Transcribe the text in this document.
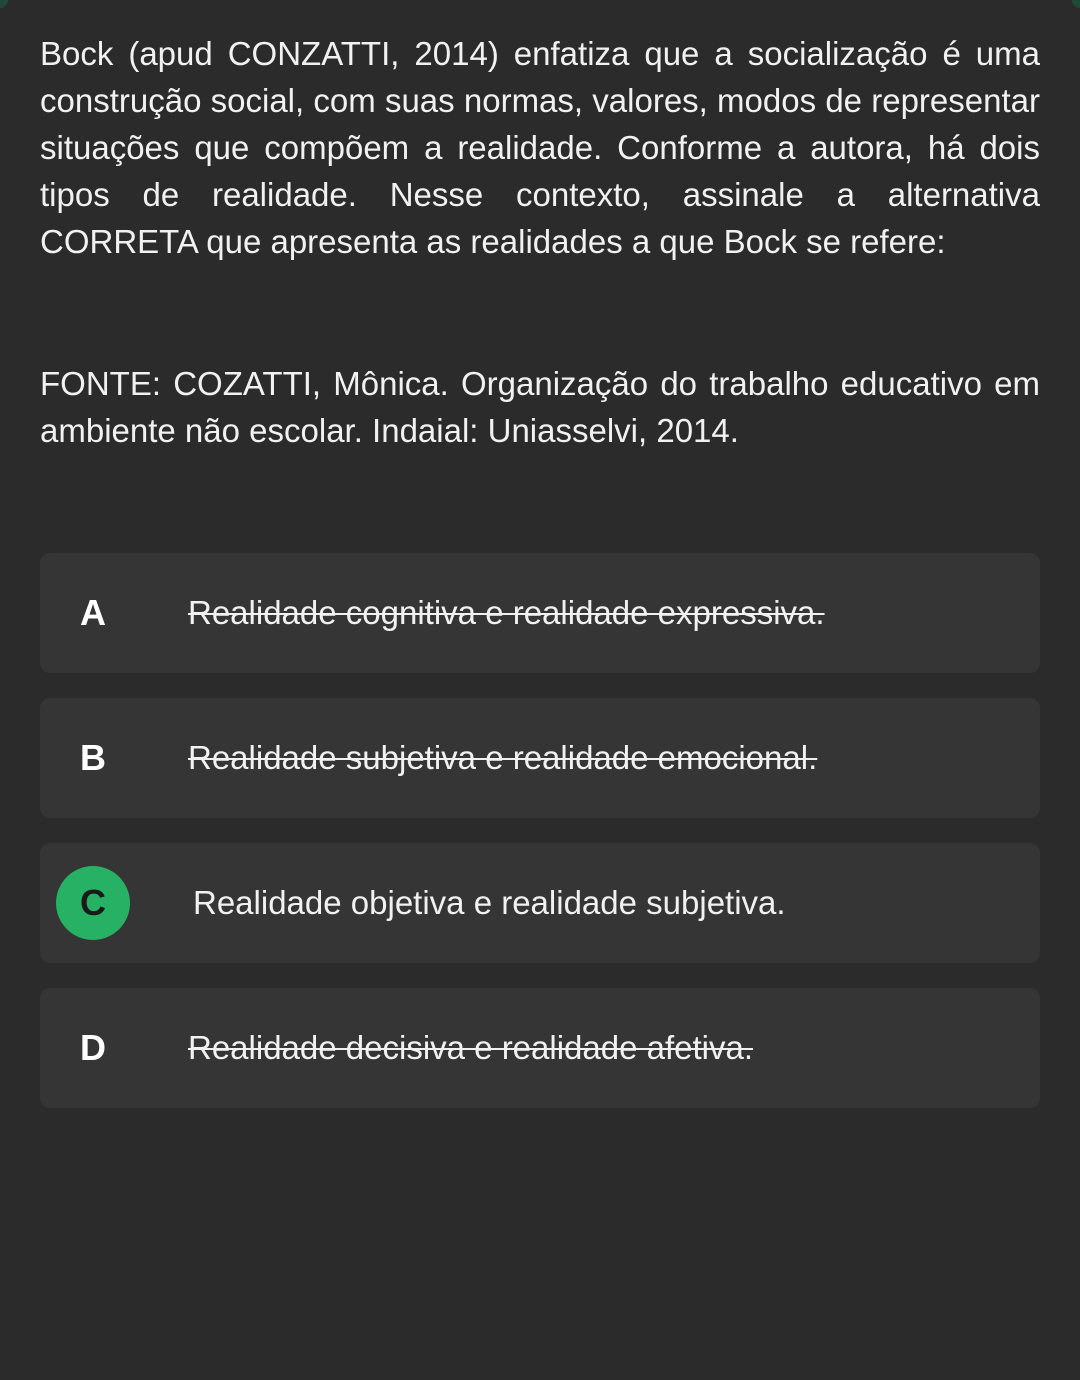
Bock (apud CONZATTI, 2014) enfatiza que a socialização é uma construção social, com suas normas, valores, modos de representar situações que compõem a realidade. Conforme a autora, há dois tipos de realidade. Nesse contexto, assinale a alternativa CORRETA que apresenta as realidades a que Bock se refere:

FONTE: COZATTI, Mônica. Organização do trabalho educativo em ambiente não escolar. Indaial: Uniasselvi, 2014.

A	Realidade cognitiva e realidade expressiva.
B	Realidade subjetiva e realidade emocional.
C	Realidade objetiva e realidade subjetiva.
D	Realidade decisiva e realidade afetiva.
